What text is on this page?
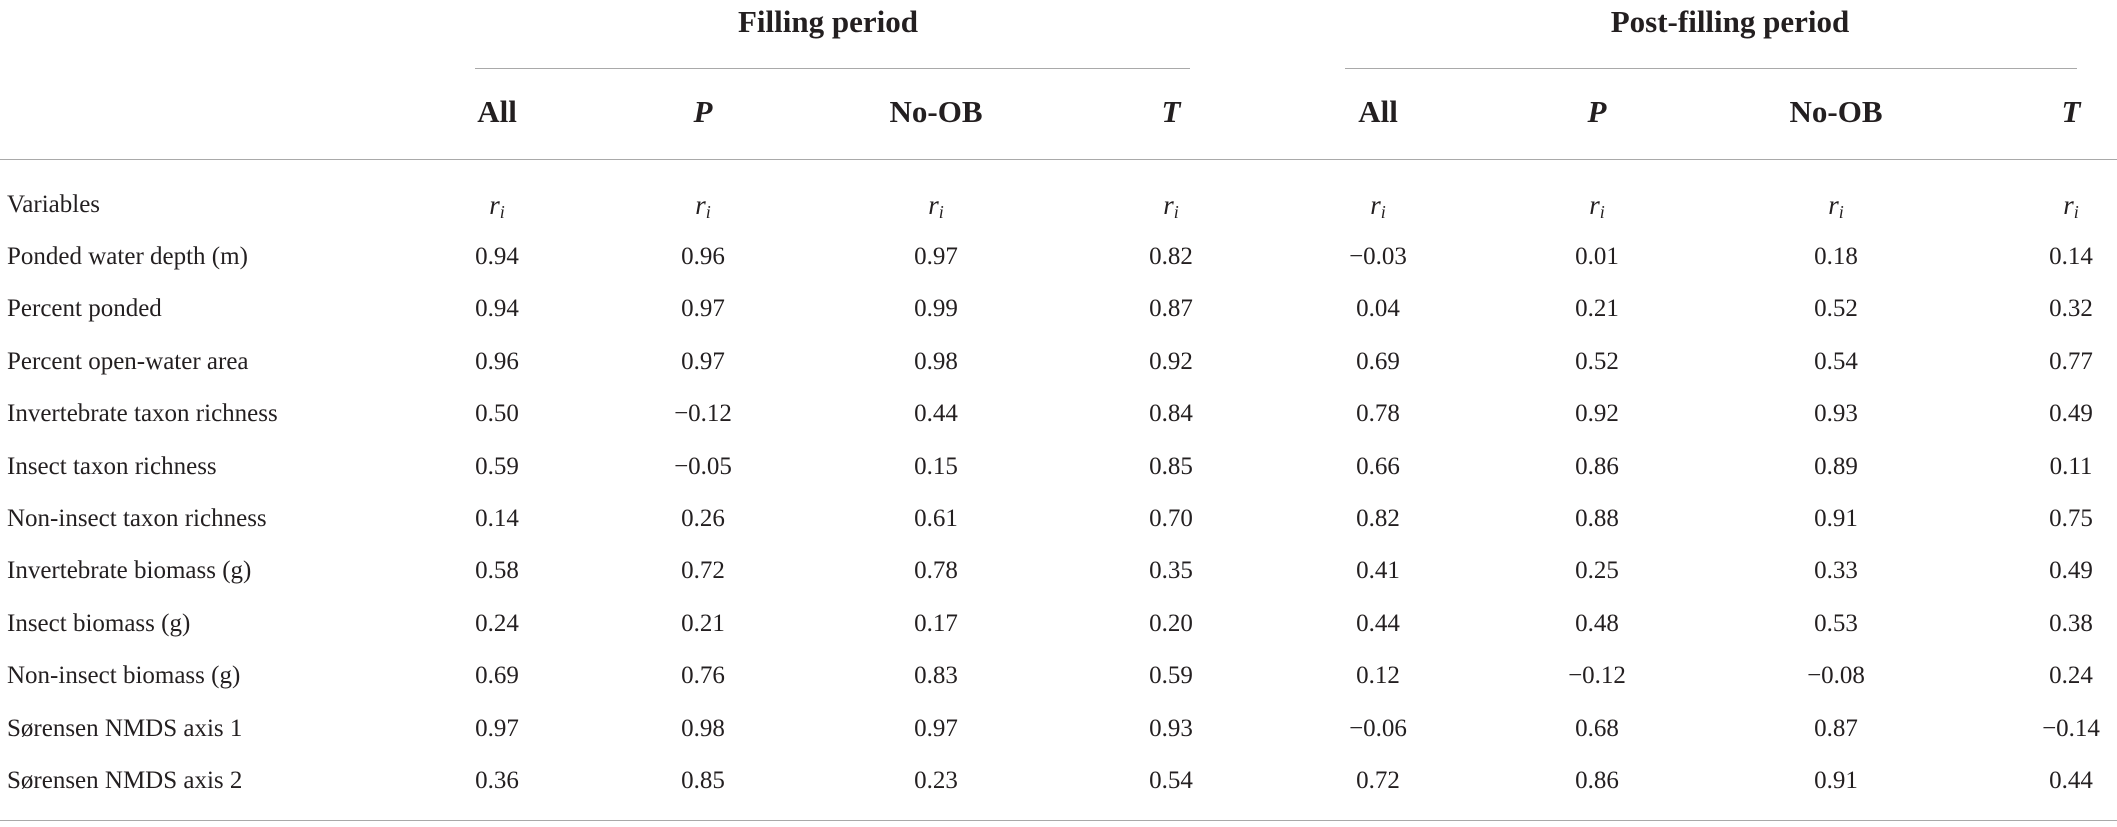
Filling period	Post-filling period
All	P	No-OB	T	All	P	No-OB	T
Variables	$r_i$	$r_i$	$r_i$	$r_i$	$r_i$	$r_i$	$r_i$	$r_i$
Ponded water depth (m)	0.94	0.96	0.97	0.82	−0.03	0.01	0.18	0.14
Percent ponded	0.94	0.97	0.99	0.87	0.04	0.21	0.52	0.32
Percent open-water area	0.96	0.97	0.98	0.92	0.69	0.52	0.54	0.77
Invertebrate taxon richness	0.50	−0.12	0.44	0.84	0.78	0.92	0.93	0.49
Insect taxon richness	0.59	−0.05	0.15	0.85	0.66	0.86	0.89	0.11
Non-insect taxon richness	0.14	0.26	0.61	0.70	0.82	0.88	0.91	0.75
Invertebrate biomass (g)	0.58	0.72	0.78	0.35	0.41	0.25	0.33	0.49
Insect biomass (g)	0.24	0.21	0.17	0.20	0.44	0.48	0.53	0.38
Non-insect biomass (g)	0.69	0.76	0.83	0.59	0.12	−0.12	−0.08	0.24
Sørensen NMDS axis 1	0.97	0.98	0.97	0.93	−0.06	0.68	0.87	−0.14
Sørensen NMDS axis 2	0.36	0.85	0.23	0.54	0.72	0.86	0.91	0.44
